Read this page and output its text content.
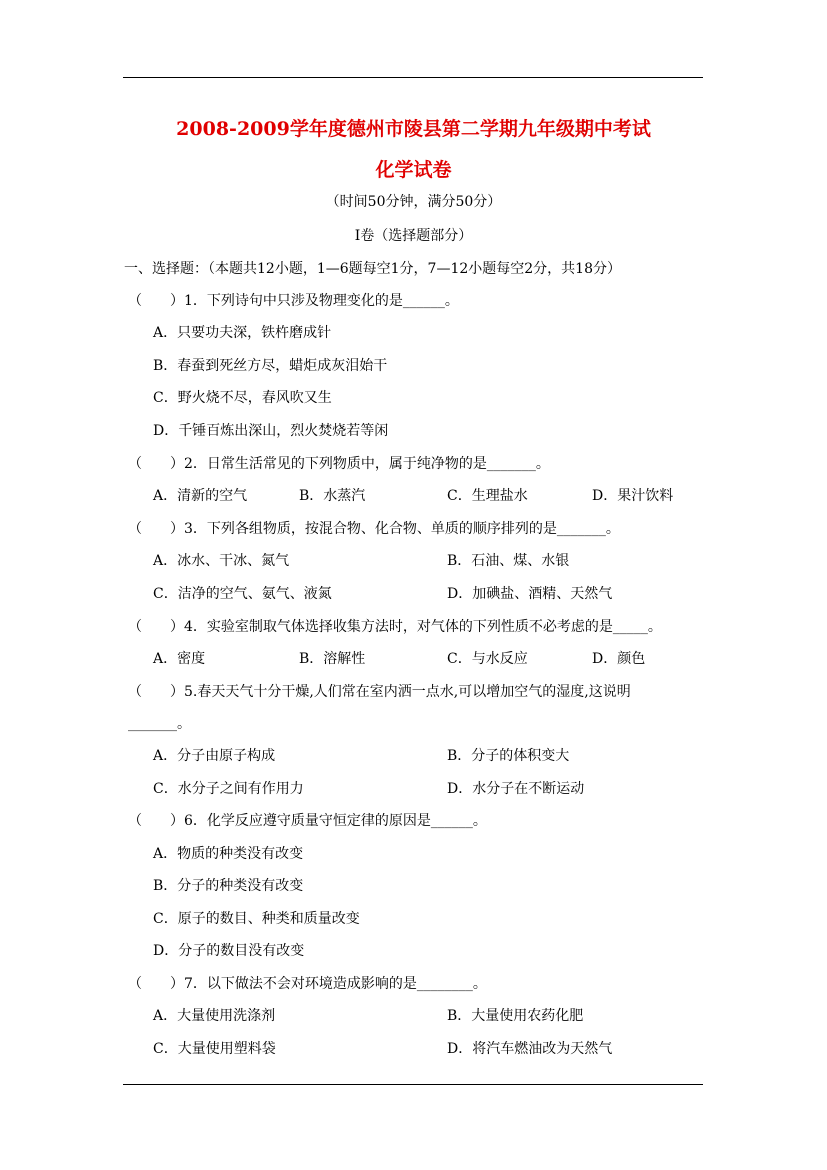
2008-2009学年度德州市陵县第二学期九年级期中考试
化学试卷
（时间50分钟，满分50分）
Ⅰ卷（选择题部分）
一、选择题：（本题共12小题，1—6题每空1分，7—12小题每空2分，共18分）
（　　）1．下列诗句中只涉及物理变化的是______。
A．只要功夫深，铁杵磨成针
B．春蚕到死丝方尽，蜡炬成灰泪始干
C．野火烧不尽，春风吹又生
D．千锤百炼出深山，烈火焚烧若等闲
（　　）2．日常生活常见的下列物质中，属于纯净物的是_______。
A．清新的空气	B．水蒸汽	C．生理盐水	D．果汁饮料
（　　）3．下列各组物质，按混合物、化合物、单质的顺序排列的是_______。
A．冰水、干冰、氮气	B．石油、煤、水银
C．洁净的空气、氨气、液氮	D．加碘盐、酒精、天然气
（　　）4．实验室制取气体选择收集方法时，对气体的下列性质不必考虑的是_____。
A．密度	B．溶解性	C．与水反应	D．颜色
（　　）5.春天天气十分干燥,人们常在室内洒一点水,可以增加空气的湿度,这说明
_______。
A．分子由原子构成	B．分子的体积变大
C．水分子之间有作用力	D．水分子在不断运动
（　　）6．化学反应遵守质量守恒定律的原因是______。
A．物质的种类没有改变
B．分子的种类没有改变
C．原子的数目、种类和质量改变
D．分子的数目没有改变
（　　）7．以下做法不会对环境造成影响的是________。
A．大量使用洗涤剂	B．大量使用农药化肥
C．大量使用塑料袋	D．将汽车燃油改为天然气
